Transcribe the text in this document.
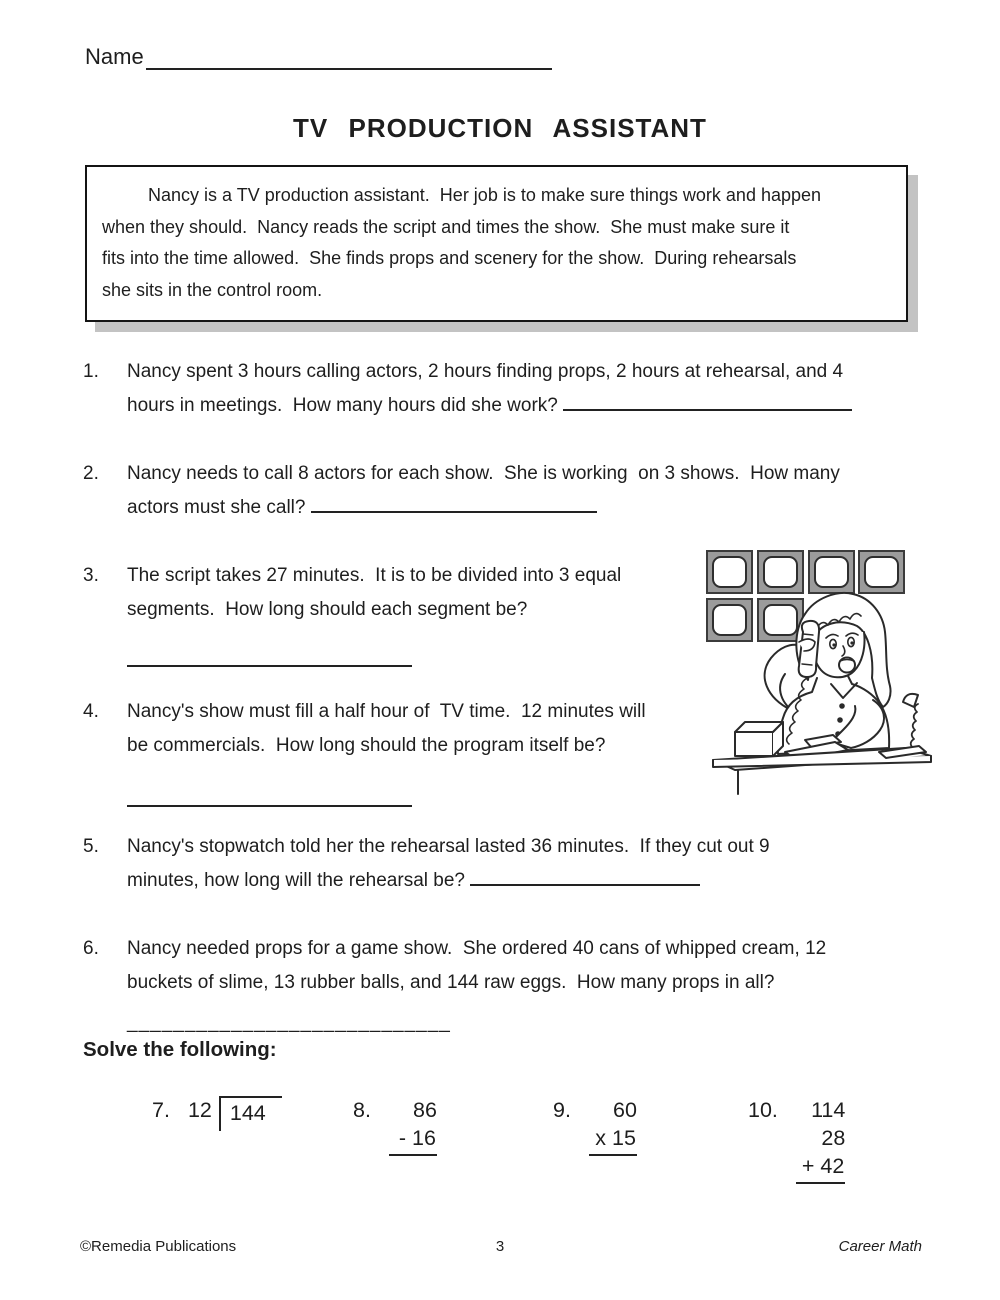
Name
TV PRODUCTION ASSISTANT
Nancy is a TV production assistant.  Her job is to make sure things work and happen
when they should.  Nancy reads the script and times the show.  She must make sure it
fits into the time allowed.  She finds props and scenery for the show.  During rehearsals
she sits in the control room.
1.	Nancy spent 3 hours calling actors, 2 hours finding props, 2 hours at rehearsal, and 4
hours in meetings.  How many hours did she work?
2.	Nancy needs to call 8 actors for each show.  She is working  on 3 shows.  How many
actors must she call?
3.	The script takes 27 minutes.  It is to be divided into 3 equal
segments.  How long should each segment be?
4.	Nancy's show must fill a half hour of  TV time.  12 minutes will
be commercials.  How long should the program itself be?
5.	Nancy's stopwatch told her the rehearsal lasted 36 minutes.  If they cut out 9
minutes, how long will the rehearsal be?
6.	Nancy needed props for a game show.  She ordered 40 cans of whipped cream, 12
buckets of slime, 13 rubber balls, and 144 raw eggs.  How many props in all?
____________________________
Solve the following:
7. 12 144	8.	86
- 16
9.	60
x 15
10.	114
28
+ 42
©Remedia Publications	3	Career Math
